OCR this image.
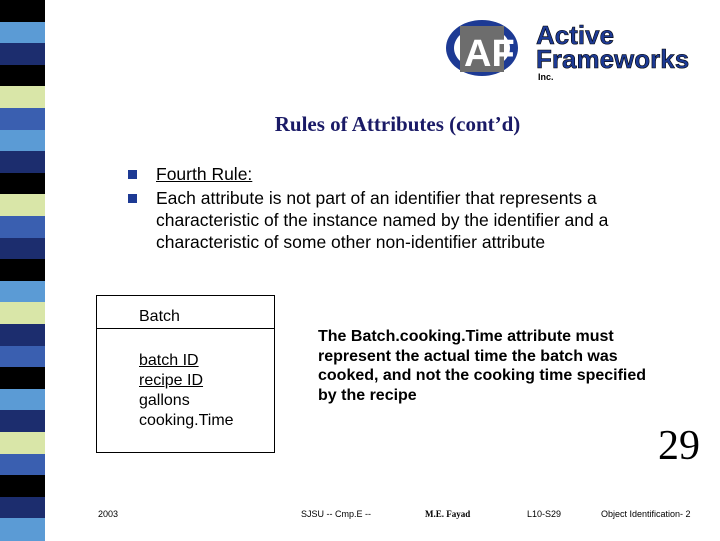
AF Active
Frameworks
Inc.
Rules of Attributes (cont’d)
Fourth Rule:
Each attribute is not part of an identifier that represents a characteristic of the instance named by the identifier and a characteristic of some other non-identifier attribute
Batch
batch ID
recipe ID
gallons
cooking.Time
The Batch.cooking.Time attribute must represent the actual time the batch was cooked, and not the cooking time specified by the recipe
29
2003	SJSU -- Cmp.E --	M.E. Fayad	L10-S29	Object Identification- 2
